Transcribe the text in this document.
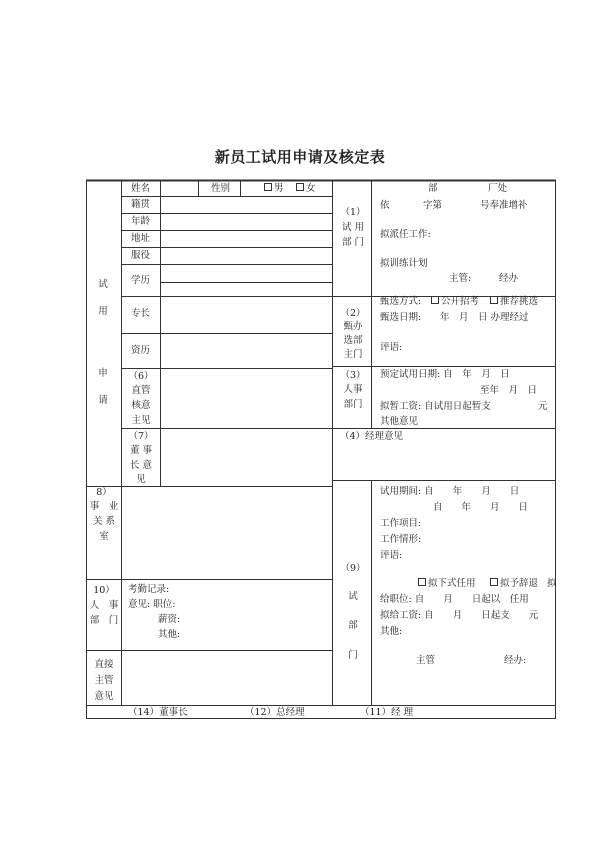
新员工试用申请及核定表
试
用
申
请
姓名	性别	男	女
籍贯
年龄
地址
服役
学历
专长
资历
（1）
试 用
部 门
部	厂处
依	字第	号奉准增补
拟派任工作:
拟训练计划
主管:	经办
（2）
甄办
选部
主门
甄选方式:	公开招考	推荐挑选
甄选日期: 年　月　日 办理经过
评语:
（3）
人事
部门
预定试用日期: 自　年　月　日
至年　月　日
拟暂工资: 自试用日起暂支	元
其他意见
（4）经理意见
（6）
直管
核意
主见
（7）
董 事
长 意
见
8）
事　业
关 系
室
10）
人　事
部　门
考勤记录:
意见: 职位:
薪资:
其他:
直接
主管
意见
（9）
试
部
门
试用期间: 自　　年　　月　　日
自　　年　　月　　日
工作项目:
工作情形:
评语:
拟下式任用	拟予辞退 拟
给职位: 自　　月　　日起以　任用
拟给工资: 自　　月　　日起支　　元
其他:
主管	经办:
（14）董事长	（12）总经理	（11）经 理
